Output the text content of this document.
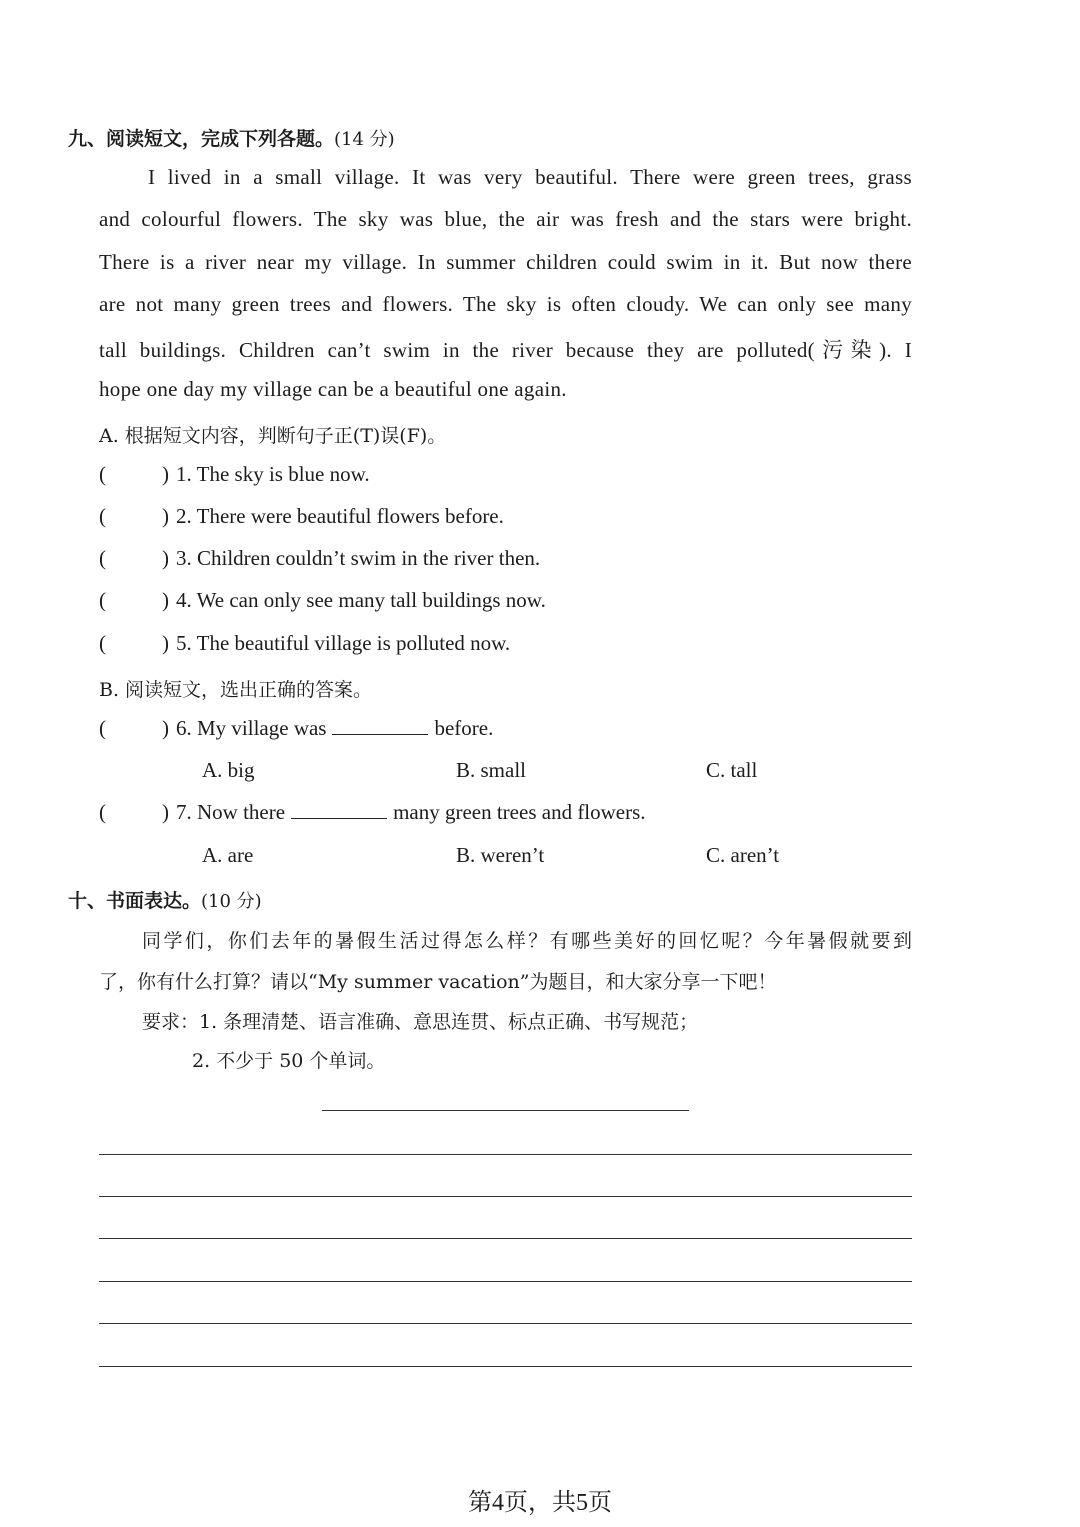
九、阅读短文，完成下列各题。(14 分)
I lived in a small village. It was very beautiful. There were green trees, grass
and colourful flowers. The sky was blue, the air was fresh and the stars were bright.
There is a river near my village. In summer children could swim in it. But now there
are not many green trees and flowers. The sky is often cloudy. We can only see many
tall buildings. Children can’t swim in the river because they are polluted(污染). I
hope one day my village can be a beautiful one again.
A. 根据短文内容，判断句子正(T)误(F)。
(	) 1. The sky is blue now.
(	) 2. There were beautiful flowers before.
(	) 3. Children couldn’t swim in the river then.
(	) 4. We can only see many tall buildings now.
(	) 5. The beautiful village is polluted now.
B. 阅读短文，选出正确的答案。
(	) 6. My village was	before.
A. big	B. small	C. tall
(	) 7. Now there	many green trees and flowers.
A. are	B. weren’t	C. aren’t
十、书面表达。(10 分)
同学们，你们去年的暑假生活过得怎么样？有哪些美好的回忆呢？今年暑假就要到
了，你有什么打算？请以“My summer vacation”为题目，和大家分享一下吧！
要求：1. 条理清楚、语言准确、意思连贯、标点正确、书写规范；
2. 不少于 50 个单词。
第4页，共5页
